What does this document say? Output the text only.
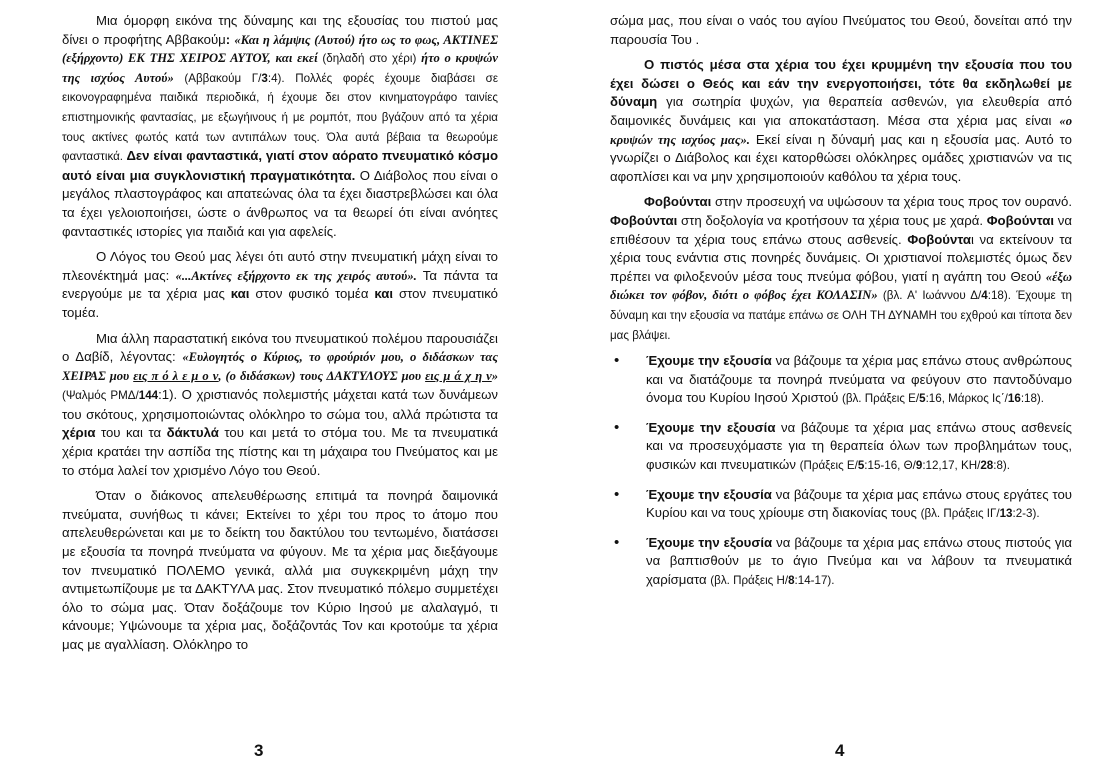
Μια όμορφη εικόνα της δύναμης και της εξουσίας του πιστού μας δίνει ο προφήτης Αββακούμ: «Και η λάμψις (Αυτού) ήτο ως το φως, ΑΚΤΙΝΕΣ (εξήρχοντο) ΕΚ ΤΗΣ ΧΕΙΡΟΣ ΑΥΤΟΥ, και εκεί (δηλαδή στο χέρι) ήτο ο κρυψών της ισχύος Αυτού» (Αββακούμ Γ/3:4). Πολλές φορές έχουμε διαβάσει σε εικονογραφημένα παιδικά περιοδικά, ή έχουμε δει στον κινηματογράφο ταινίες επιστημονικής φαντασίας, με εξωγήινους ή με ρομπότ, που βγάζουν από τα χέρια τους ακτίνες φωτός κατά των αντιπάλων τους. Όλα αυτά βέβαια τα θεωρούμε φανταστικά. Δεν είναι φανταστικά, γιατί στον αόρατο πνευματικό κόσμο αυτό είναι μια συγκλονιστική πραγματικότητα. Ο Διάβολος που είναι ο μεγάλος πλαστογράφος και απατεώνας όλα τα έχει διαστρεβλώσει και όλα τα έχει γελοιοποιήσει, ώστε ο άνθρωπος να τα θεωρεί ότι είναι ανόητες φανταστικές ιστορίες για παιδιά και για αφελείς.

Ο Λόγος του Θεού μας λέγει ότι αυτό στην πνευματική μάχη είναι το πλεονέκτημά μας: «...Ακτίνες εξήρχοντο εκ της χειρός αυτού». Τα πάντα τα ενεργούμε με τα χέρια μας και στον φυσικό τομέα και στον πνευματικό τομέα.

Μια άλλη παραστατική εικόνα του πνευματικού πολέμου παρουσιάζει ο Δαβίδ, λέγοντας: «Ευλογητός ο Κύριος, το φρούριόν μου, ο διδάσκων τας ΧΕΙΡΑΣ μου εις π ό λ ε μ ο ν, (ο διδάσκων) τους ΔΑΚΤΥΛΟΥΣ μου εις μ ά χ η ν» (Ψαλμός ΡΜΔ/144:1). Ο χριστιανός πολεμιστής μάχεται κατά των δυνάμεων του σκότους, χρησιμοποιώντας ολόκληρο το σώμα του, αλλά πρώτιστα τα χέρια του και τα δάκτυλά του και μετά το στόμα του. Με τα πνευματικά χέρια κρατάει την ασπίδα της πίστης και τη μάχαιρα του Πνεύματος και με το στόμα λαλεί τον χρισμένο Λόγο του Θεού.

Όταν ο διάκονος απελευθέρωσης επιτιμά τα πονηρά δαιμονικά πνεύματα, συνήθως τι κάνει; Εκτείνει το χέρι του προς το άτομο που απελευθερώνεται και με το δείκτη του δακτύλου του τεντωμένο, διατάσσει με εξουσία τα πονηρά πνεύματα να φύγουν. Με τα χέρια μας διεξάγουμε τον πνευματικό ΠΟΛΕΜΟ γενικά, αλλά μια συγκεκριμένη μάχη την αντιμετωπίζουμε με τα ΔΑΚΤΥΛΑ μας. Στον πνευματικό πόλεμο συμμετέχει όλο το σώμα μας. Όταν δοξάζουμε τον Κύριο Ιησού με αλαλαγμό, τι κάνουμε; Υψώνουμε τα χέρια μας, δοξάζοντάς Τον και κροτούμε τα χέρια μας με αγαλλίαση. Ολόκληρο το

3

σώμα μας, που είναι ο ναός του αγίου Πνεύματος του Θεού, δονείται από την παρουσία Του .

Ο πιστός μέσα στα χέρια του έχει κρυμμένη την εξουσία που του έχει δώσει ο Θεός και εάν την ενεργοποιήσει, τότε θα εκδηλωθεί με δύναμη για σωτηρία ψυχών, για θεραπεία ασθενών, για ελευθερία από δαιμονικές δυνάμεις και για αποκατάσταση. Μέσα στα χέρια μας είναι «ο κρυψών της ισχύος μας». Εκεί είναι η δύναμή μας και η εξουσία μας. Αυτό το γνωρίζει ο Διάβολος και έχει κατορθώσει ολόκληρες ομάδες χριστιανών να τις αφοπλίσει και να μην χρησιμοποιούν καθόλου τα χέρια τους.

Φοβούνται στην προσευχή να υψώσουν τα χέρια τους προς τον ουρανό. Φοβούνται στη δοξολογία να κροτήσουν τα χέρια τους με χαρά. Φοβούνται να επιθέσουν τα χέρια τους επάνω στους ασθενείς. Φοβούνται να εκτείνουν τα χέρια τους ενάντια στις πονηρές δυνάμεις. Οι χριστιανοί πολεμιστές όμως δεν πρέπει να φιλοξενούν μέσα τους πνεύμα φόβου, γιατί η αγάπη του Θεού «έξω διώκει τον φόβον, διότι ο φόβος έχει ΚΟΛΑΣΙΝ» (βλ. Α' Ιωάννου Δ/4:18). Έχουμε τη δύναμη και την εξουσία να πατάμε επάνω σε ΟΛΗ ΤΗ ΔΥΝΑΜΗ του εχθρού και τίποτα δεν μας βλάψει.

• Έχουμε την εξουσία να βάζουμε τα χέρια μας επάνω στους ανθρώπους και να διατάζουμε τα πονηρά πνεύματα να φεύγουν στο παντοδύναμο όνομα του Κυρίου Ιησού Χριστού (βλ. Πράξεις Ε/5:16, Μάρκος Ις΄/16:18).
• Έχουμε την εξουσία να βάζουμε τα χέρια μας επάνω στους ασθενείς και να προσευχόμαστε για τη θεραπεία όλων των προβλημάτων τους, φυσικών και πνευματικών (Πράξεις Ε/5:15-16, Θ/9:12,17, ΚΗ/28:8).
• Έχουμε την εξουσία να βάζουμε τα χέρια μας επάνω στους εργάτες του Κυρίου και να τους χρίουμε στη διακονίας τους (βλ. Πράξεις ΙΓ/13:2-3).
• Έχουμε την εξουσία να βάζουμε τα χέρια μας επάνω στους πιστούς για να βαπτισθούν με το άγιο Πνεύμα και να λάβουν τα πνευματικά χαρίσματα (βλ. Πράξεις Η/8:14-17).
4
